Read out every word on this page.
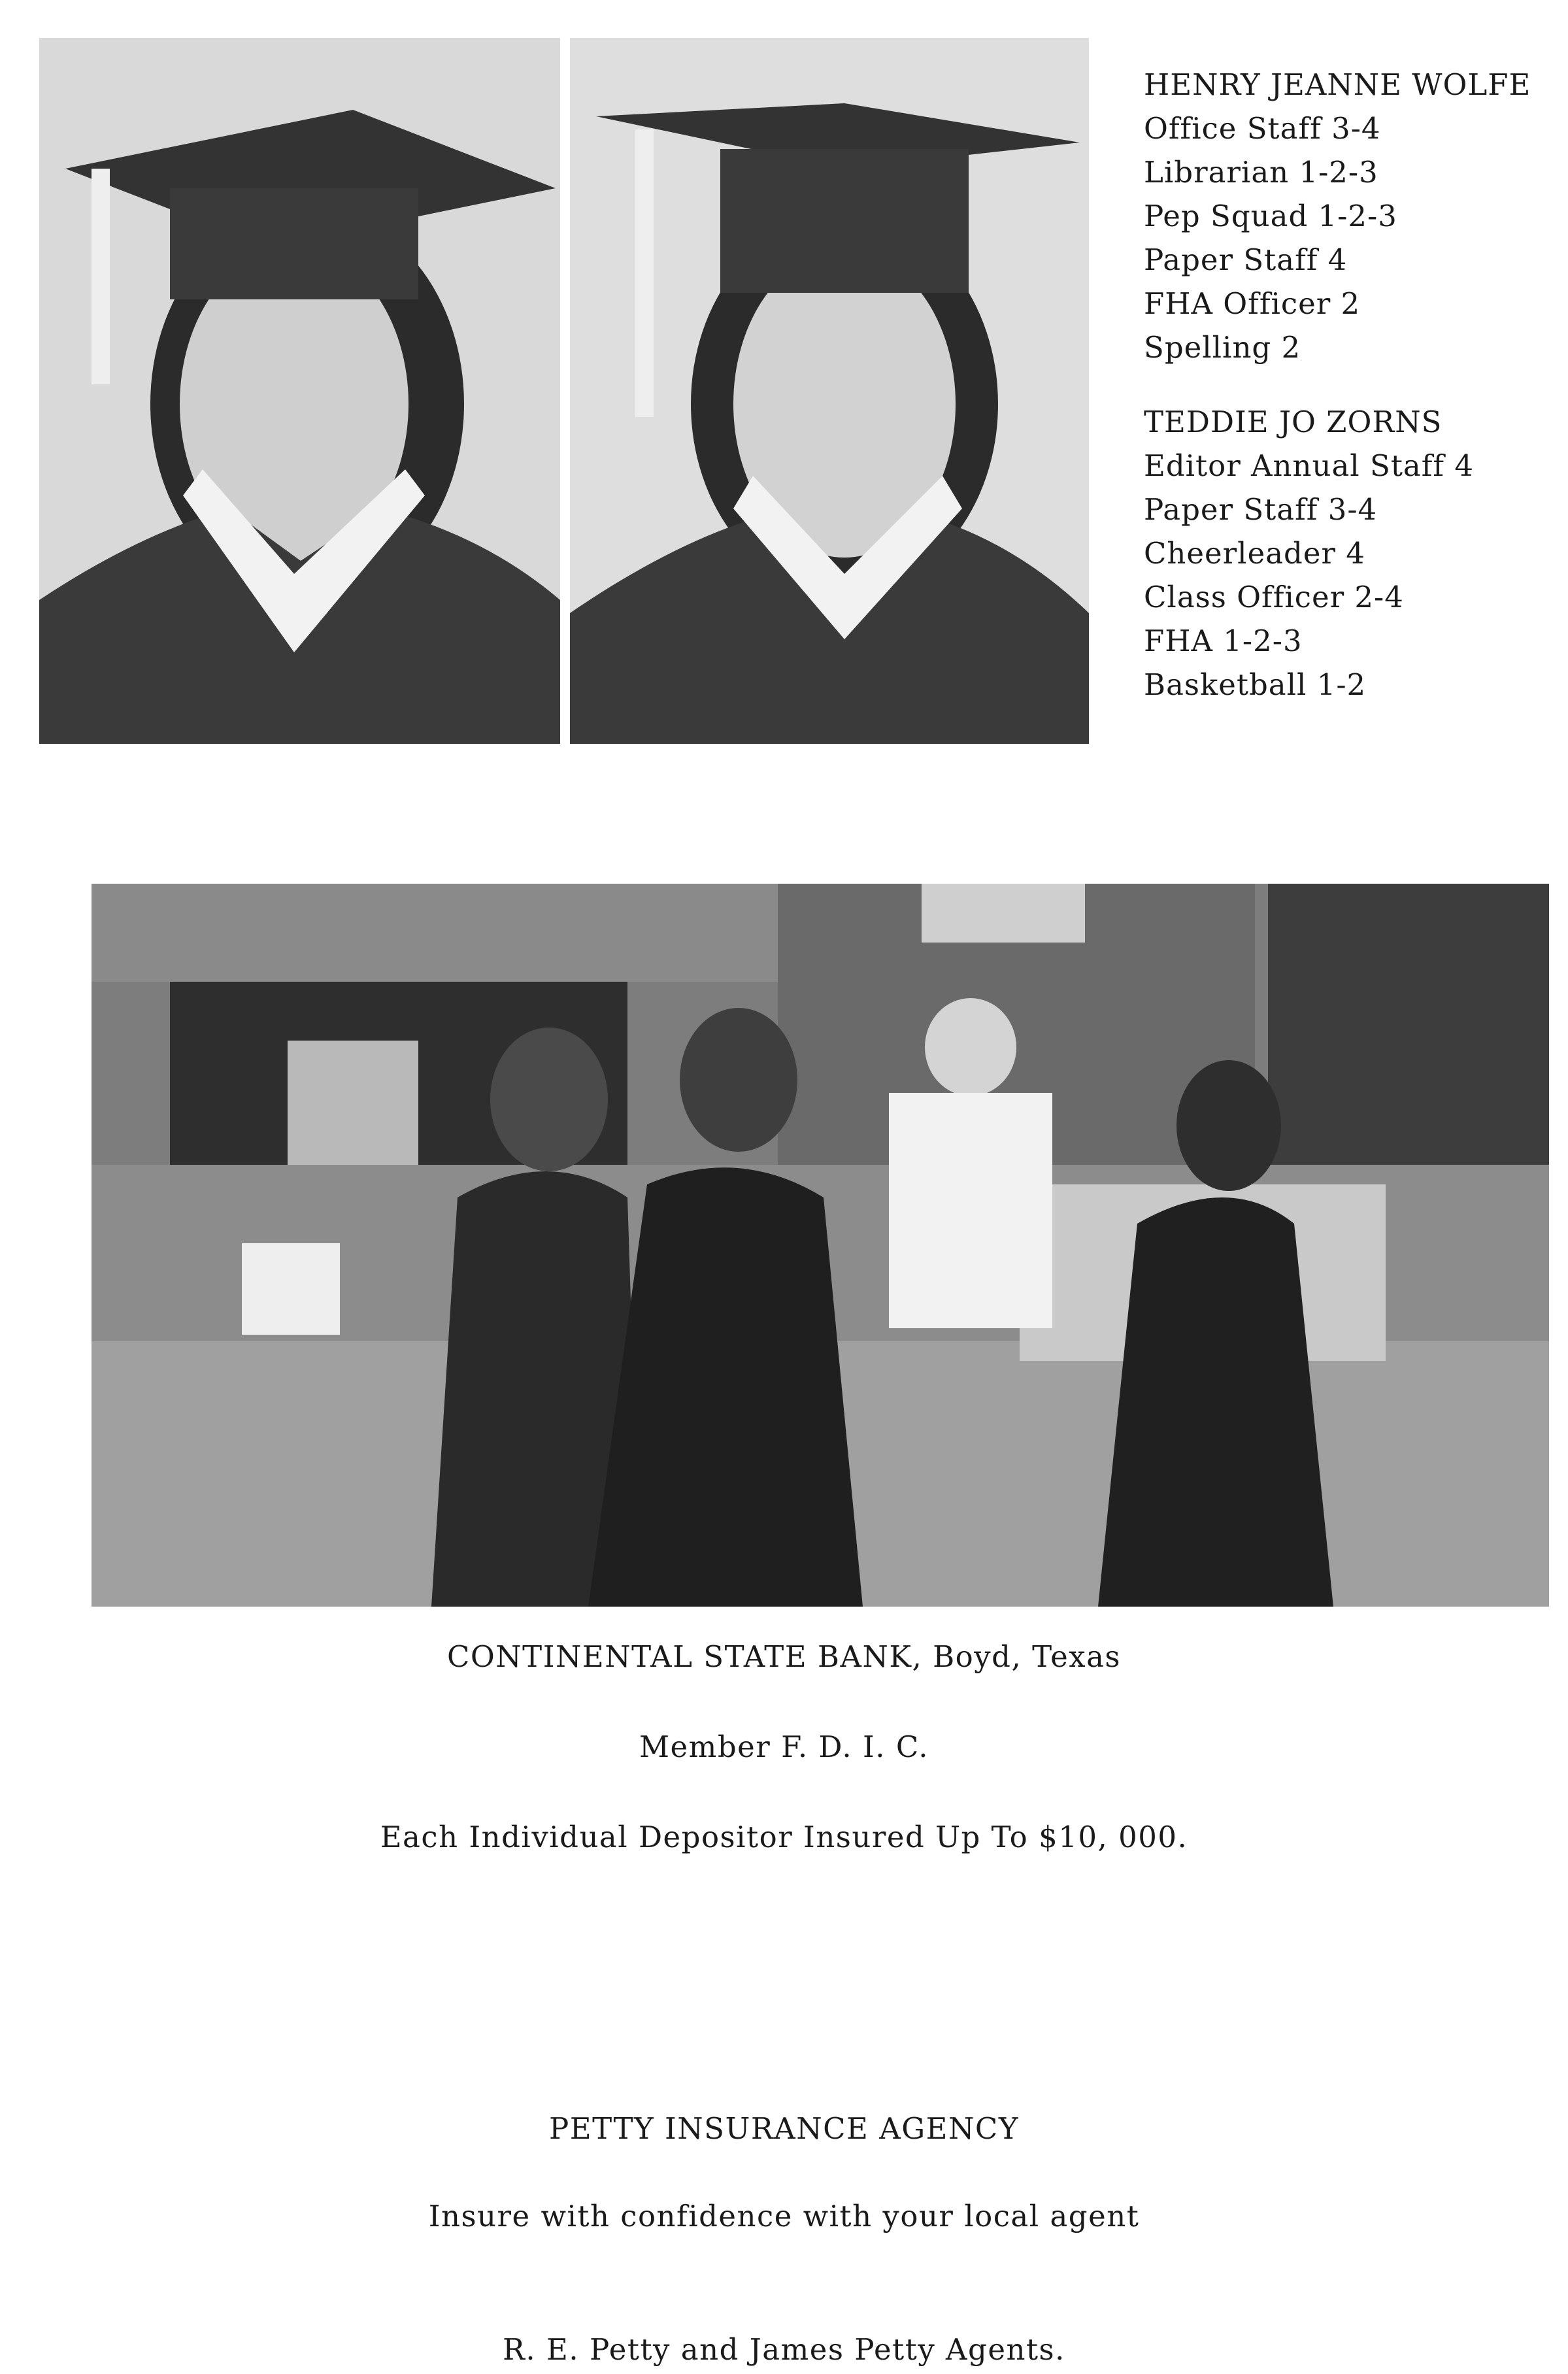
HENRY JEANNE WOLFE
Office Staff 3-4
Librarian 1-2-3
Pep Squad 1-2-3
Paper Staff 4
FHA Officer 2
Spelling 2
TEDDIE JO ZORNS
Editor Annual Staff 4
Paper Staff 3-4
Cheerleader 4
Class Officer 2-4
FHA 1-2-3
Basketball 1-2
CONTINENTAL STATE BANK, Boyd, Texas
Member F. D. I. C.
Each Individual Depositor Insured Up To $10, 000.
PETTY INSURANCE AGENCY
Insure with confidence with your local agent
R. E. Petty and James Petty Agents.
